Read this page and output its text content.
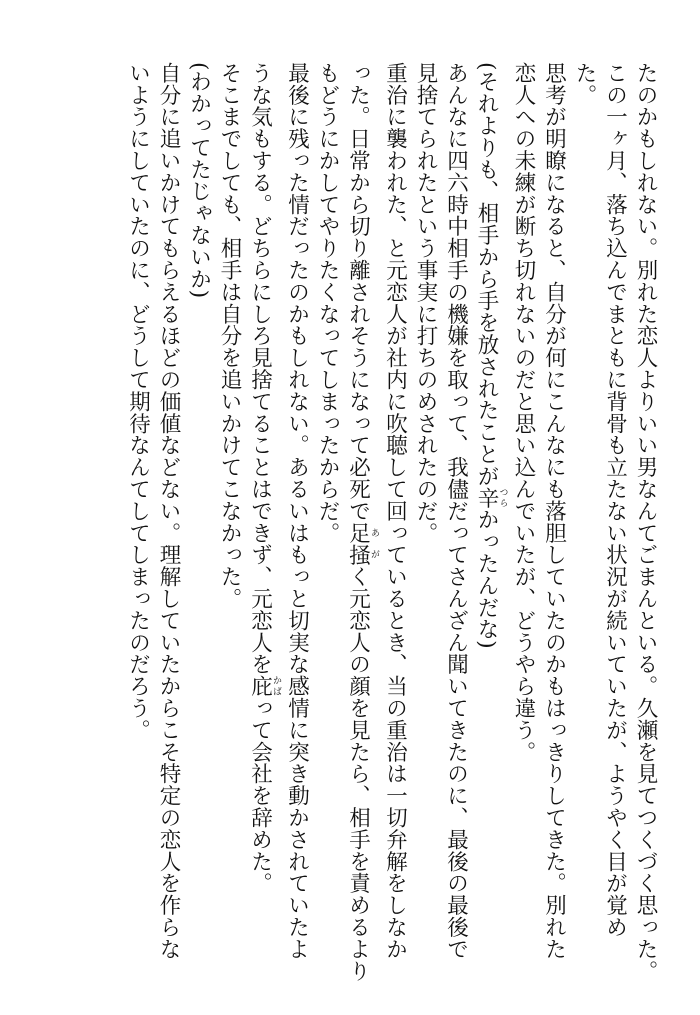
たのかもしれない。別れた恋人よりいい男なんてごまんといる。久瀬を見てつくづく思った。
この一ヶ月、落ち込んでまともに背骨も立たない状況が続いていたが、ようやく目が覚め
た。
思考が明瞭になると、自分が何にこんなにも落胆していたのかもはっきりしてきた。別れた
恋人への未練が断ち切れないのだと思い込んでいたが、どうやら違う。
(それよりも、相手から手を放されたことが辛つらかったんだな)
あんなに四六時中相手の機嫌を取って、我儘だってさんざん聞いてきたのに、最後の最後で
見捨てられたという事実に打ちのめされたのだ。
重治に襲われた、と元恋人が社内に吹聴して回っているとき、当の重治は一切弁解をしなか
った。日常から切り離されそうになって必死で足掻あがく元恋人の顔を見たら、相手を責めるより
もどうにかしてやりたくなってしまったからだ。
最後に残った情だったのかもしれない。あるいはもっと切実な感情に突き動かされていたよ
うな気もする。どちらにしろ見捨てることはできず、元恋人を庇かばって会社を辞めた。
そこまでしても、相手は自分を追いかけてこなかった。
(わかってたじゃないか)
自分に追いかけてもらえるほどの価値などない。理解していたからこそ特定の恋人を作らな
いようにしていたのに、どうして期待なんてしてしまったのだろう。
